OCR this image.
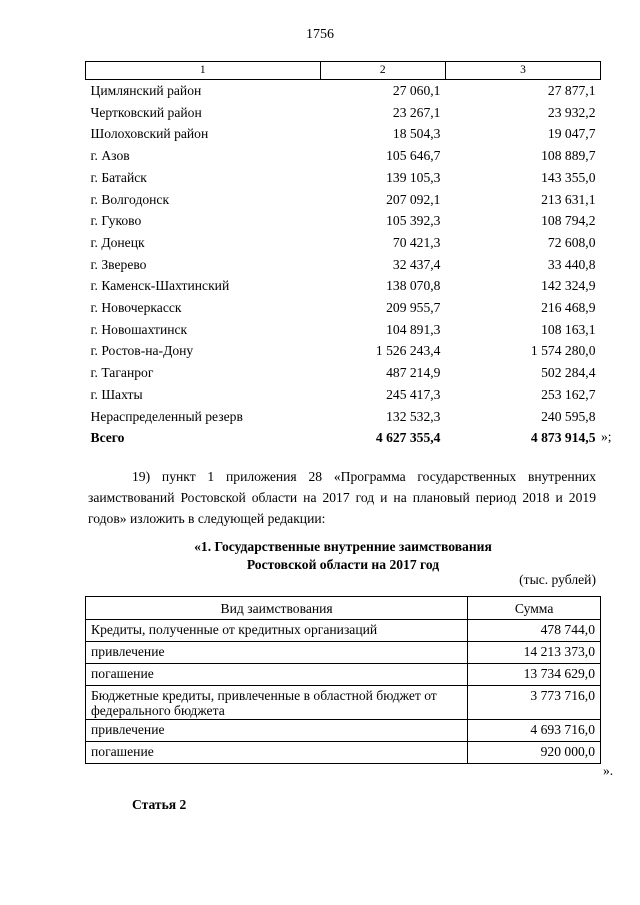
1756
1	2	3
Цимлянский район	27 060,1	27 877,1
Чертковский район	23 267,1	23 932,2
Шолоховский район	18 504,3	19 047,7
г. Азов	105 646,7	108 889,7
г. Батайск	139 105,3	143 355,0
г. Волгодонск	207 092,1	213 631,1
г. Гуково	105 392,3	108 794,2
г. Донецк	70 421,3	72 608,0
г. Зверево	32 437,4	33 440,8
г. Каменск-Шахтинский	138 070,8	142 324,9
г. Новочеркасск	209 955,7	216 468,9
г. Новошахтинск	104 891,3	108 163,1
г. Ростов-на-Дону	1 526 243,4	1 574 280,0
г. Таганрог	487 214,9	502 284,4
г. Шахты	245 417,3	253 162,7
Нераспределенный резерв	132 532,3	240 595,8
Всего	4 627 355,4	4 873 914,5 »;

19) пункт 1 приложения 28 «Программа государственных внутренних заимствований Ростовской области на 2017 год и на плановый период 2018 и 2019 годов» изложить в следующей редакции:

«1. Государственные внутренние заимствования
Ростовской области на 2017 год
(тыс. рублей)
Вид заимствования	Сумма
Кредиты, полученные от кредитных организаций	478 744,0
привлечение	14 213 373,0
погашение	13 734 629,0
Бюджетные кредиты, привлеченные в областной бюджет от федерального бюджета	3 773 716,0
привлечение	4 693 716,0
погашение	920 000,0
».
Статья 2
